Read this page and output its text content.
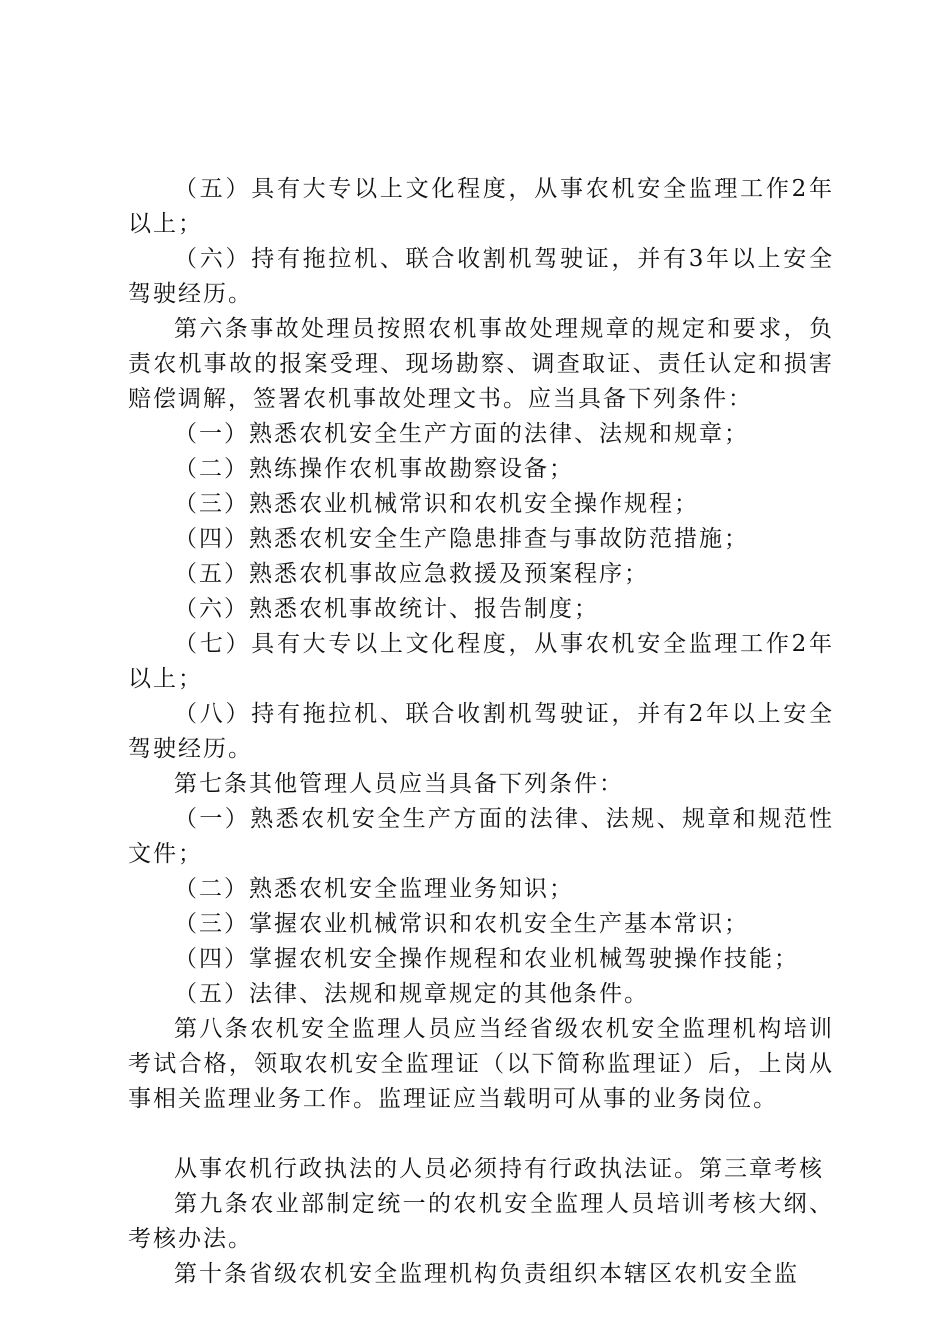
（五）具有大专以上文化程度，从事农机安全监理工作2年以上；

（六）持有拖拉机、联合收割机驾驶证，并有3年以上安全驾驶经历。

第六条事故处理员按照农机事故处理规章的规定和要求，负责农机事故的报案受理、现场勘察、调查取证、责任认定和损害赔偿调解，签署农机事故处理文书。应当具备下列条件：

（一）熟悉农机安全生产方面的法律、法规和规章；

（二）熟练操作农机事故勘察设备；

（三）熟悉农业机械常识和农机安全操作规程；

（四）熟悉农机安全生产隐患排查与事故防范措施；

（五）熟悉农机事故应急救援及预案程序；

（六）熟悉农机事故统计、报告制度；

（七）具有大专以上文化程度，从事农机安全监理工作2年以上；

（八）持有拖拉机、联合收割机驾驶证，并有2年以上安全驾驶经历。

第七条其他管理人员应当具备下列条件：

（一）熟悉农机安全生产方面的法律、法规、规章和规范性文件；

（二）熟悉农机安全监理业务知识；

（三）掌握农业机械常识和农机安全生产基本常识；

（四）掌握农机安全操作规程和农业机械驾驶操作技能；

（五）法律、法规和规章规定的其他条件。

第八条农机安全监理人员应当经省级农机安全监理机构培训考试合格，领取农机安全监理证（以下简称监理证）后，上岗从事相关监理业务工作。监理证应当载明可从事的业务岗位。

从事农机行政执法的人员必须持有行政执法证。第三章考核

第九条农业部制定统一的农机安全监理人员培训考核大纲、考核办法。

第十条省级农机安全监理机构负责组织本辖区农机安全监
